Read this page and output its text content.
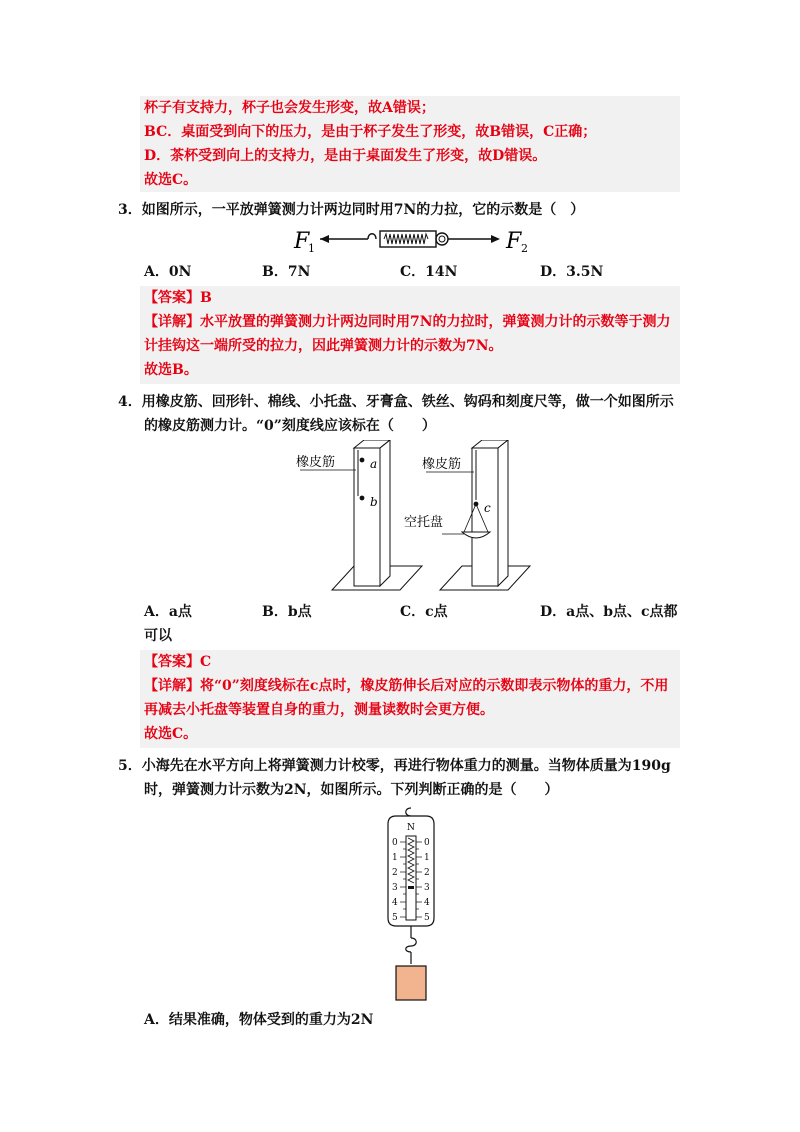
杯子有支持力，杯子也会发生形变，故A错误；
BC．桌面受到向下的压力，是由于杯子发生了形变，故B错误，C正确；
D．茶杯受到向上的支持力，是由于桌面发生了形变，故D错误。
故选C。
3．如图所示，一平放弹簧测力计两边同时用7N的力拉，它的示数是（　）
F
1	F 2
A．0N	B．7N	C．14N	D．3.5N
【答案】B
【详解】水平放置的弹簧测力计两边同时用7N的力拉时，弹簧测力计的示数等于测力
计挂钩这一端所受的拉力，因此弹簧测力计的示数为7N。
故选B。
4．用橡皮筋、回形针、棉线、小托盘、牙膏盒、铁丝、钩码和刻度尺等，做一个如图所示
的橡皮筋测力计。“0”刻度线应该标在（　　）
橡皮筋	a
b
橡皮筋
c
空托盘
A．a点	B．b点	C．c点	D．a点、b点、c点都
可以
【答案】C
【详解】将“0”刻度线标在c点时，橡皮筋伸长后对应的示数即表示物体的重力，不用
再减去小托盘等装置自身的重力，测量读数时会更方便。
故选C。
5．小海先在水平方向上将弹簧测力计校零，再进行物体重力的测量。当物体质量为190g
时，弹簧测力计示数为2N，如图所示。下列判断正确的是（　　）
N
0
1
2
3
4
5
0
1
2
3
4
5
A．结果准确，物体受到的重力为2N
